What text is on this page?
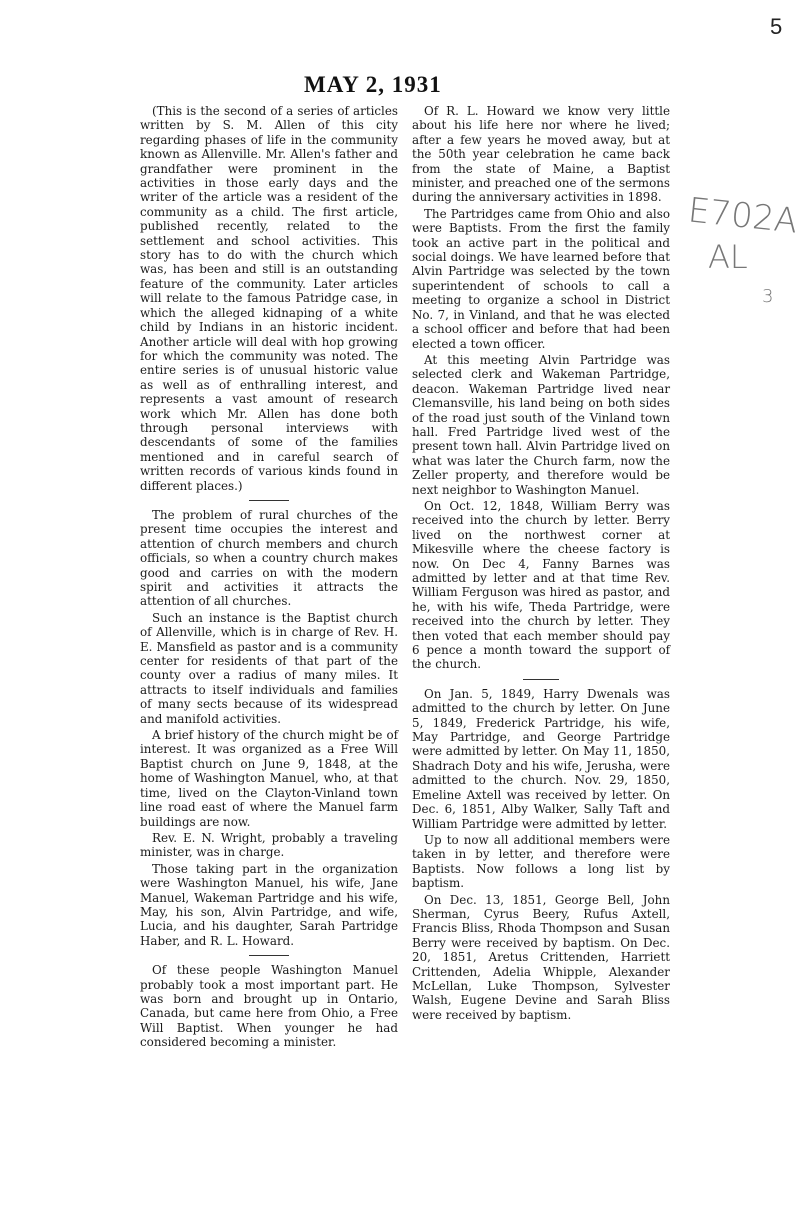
5
MAY 2, 1931
E702A
AL
3

(This is the second of a series of articles written by S. M. Allen of this city regarding phases of life in the community known as Allenville. Mr. Allen's father and grandfather were prominent in the activities in those early days and the writer of the article was a resident of the community as a child. The first article, published recently, related to the settlement and school activities. This story has to do with the church which was, has been and still is an outstanding feature of the community. Later articles will relate to the famous Patridge case, in which the alleged kidnaping of a white child by Indians in an historic incident. Another article will deal with hop growing for which the community was noted. The entire series is of unusual historic value as well as of enthralling interest, and represents a vast amount of research work which Mr. Allen has done both through personal interviews with descendants of some of the families mentioned and in careful search of written records of various kinds found in different places.)

The problem of rural churches of the present time occupies the interest and attention of church members and church officials, so when a country church makes good and carries on with the modern spirit and activities it attracts the attention of all churches.

Such an instance is the Baptist church of Allenville, which is in charge of Rev. H. E. Mansfield as pastor and is a community center for residents of that part of the county over a radius of many miles. It attracts to itself individuals and families of many sects because of its widespread and manifold activities.

A brief history of the church might be of interest. It was organized as a Free Will Baptist church on June 9, 1848, at the home of Washington Manuel, who, at that time, lived on the Clayton-Vinland town line road east of where the Manuel farm buildings are now.

Rev. E. N. Wright, probably a traveling minister, was in charge.

Those taking part in the organization were Washington Manuel, his wife, Jane Manuel, Wakeman Partridge and his wife, May, his son, Alvin Partridge, and wife, Lucia, and his daughter, Sarah Partridge Haber, and R. L. Howard.

Of these people Washington Manuel probably took a most important part. He was born and brought up in Ontario, Canada, but came here from Ohio, a Free Will Baptist. When younger he had considered becoming a minister.

Of R. L. Howard we know very little about his life here nor where he lived; after a few years he moved away, but at the 50th year celebration he came back from the state of Maine, a Baptist minister, and preached one of the sermons during the anniversary activities in 1898.

The Partridges came from Ohio and also were Baptists. From the first the family took an active part in the political and social doings. We have learned before that Alvin Partridge was selected by the town superintendent of schools to call a meeting to organize a school in District No. 7, in Vinland, and that he was elected a school officer and before that had been elected a town officer.

At this meeting Alvin Partridge was selected clerk and Wakeman Partridge, deacon. Wakeman Partridge lived near Clemansville, his land being on both sides of the road just south of the Vinland town hall. Fred Partridge lived west of the present town hall. Alvin Partridge lived on what was later the Church farm, now the Zeller property, and therefore would be next neighbor to Washington Manuel.

On Oct. 12, 1848, William Berry was received into the church by letter. Berry lived on the northwest corner at Mikesville where the cheese factory is now. On Dec 4, Fanny Barnes was admitted by letter and at that time Rev. William Ferguson was hired as pastor, and he, with his wife, Theda Partridge, were received into the church by letter. They then voted that each member should pay 6 pence a month toward the support of the church.

On Jan. 5, 1849, Harry Dwenals was admitted to the church by letter. On June 5, 1849, Frederick Partridge, his wife, May Partridge, and George Partridge were admitted by letter. On May 11, 1850, Shadrach Doty and his wife, Jerusha, were admitted to the church. Nov. 29, 1850, Emeline Axtell was received by letter. On Dec. 6, 1851, Alby Walker, Sally Taft and William Partridge were admitted by letter.

Up to now all additional members were taken in by letter, and therefore were Baptists. Now follows a long list by baptism.

On Dec. 13, 1851, George Bell, John Sherman, Cyrus Beery, Rufus Axtell, Francis Bliss, Rhoda Thompson and Susan Berry were received by baptism. On Dec. 20, 1851, Aretus Crittenden, Harriett Crittenden, Adelia Whipple, Alexander McLellan, Luke Thompson, Sylvester Walsh, Eugene Devine and Sarah Bliss were received by baptism.
